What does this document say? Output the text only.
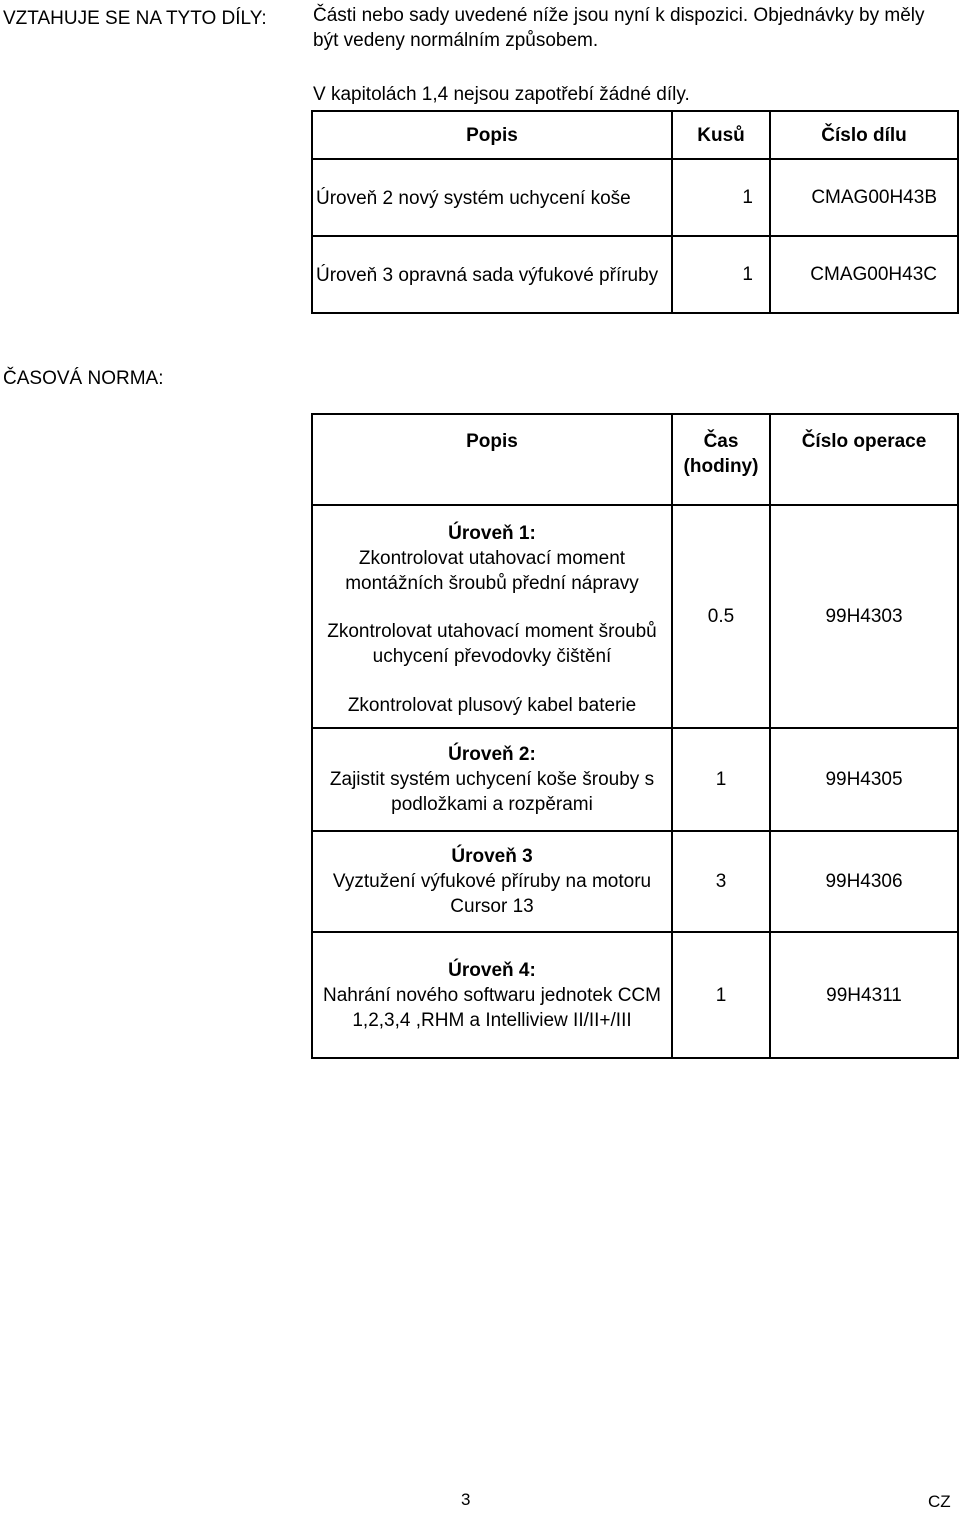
VZTAHUJE SE NA TYTO DÍLY:	Části nebo sady uvedené níže jsou nyní k dispozici. Objednávky by měly být vedeny normálním způsobem.
V kapitolách 1,4 nejsou zapotřebí žádné díly.
Popis	Kusů	Číslo dílu
Úroveň 2 nový systém uchycení koše	1	CMAG00H43B
Úroveň 3 opravná sada výfukové příruby	1	CMAG00H43C
ČASOVÁ NORMA:
Popis	Čas (hodiny)	Číslo operace

Úroveň 1:
Zkontrolovat utahovací moment montážních šroubů přední nápravy
Zkontrolovat utahovací moment šroubů uchycení převodovky čištění
Zkontrolovat plusový kabel baterie	0.5	99H4303

Úroveň 2:
Zajistit systém uchycení koše šrouby s podložkami a rozpěrami	1	99H4305

Úroveň 3
Vyztužení výfukové příruby na motoru Cursor 13	3	99H4306

Úroveň 4:
Nahrání nového softwaru jednotek CCM 1,2,3,4 ,RHM a Intelliview II/II+/III	1	99H4311
3	CZ
